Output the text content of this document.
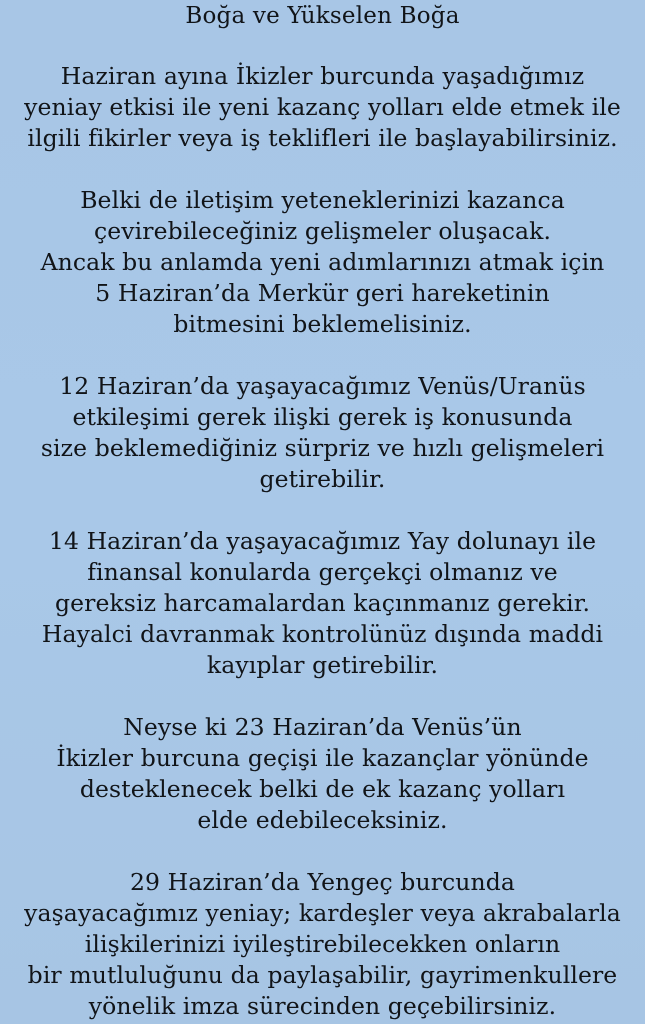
Boğa ve Yükselen Boğa

Haziran ayına İkizler burcunda yaşadığımız
yeniay etkisi ile yeni kazanç yolları elde etmek ile
ilgili fikirler veya iş teklifleri ile başlayabilirsiniz.

Belki de iletişim yeteneklerinizi kazanca
çevirebileceğiniz gelişmeler oluşacak.
Ancak bu anlamda yeni adımlarınızı atmak için
5 Haziran’da Merkür geri hareketinin
bitmesini beklemelisiniz.

12 Haziran’da yaşayacağımız Venüs/Uranüs
etkileşimi gerek ilişki gerek iş konusunda
size beklemediğiniz sürpriz ve hızlı gelişmeleri
getirebilir.

14 Haziran’da yaşayacağımız Yay dolunayı ile
finansal konularda gerçekçi olmanız ve
gereksiz harcamalardan kaçınmanız gerekir.
Hayalci davranmak kontrolünüz dışında maddi
kayıplar getirebilir.

Neyse ki 23 Haziran’da Venüs’ün
İkizler burcuna geçişi ile kazançlar yönünde
desteklenecek belki de ek kazanç yolları
elde edebileceksiniz.

29 Haziran’da Yengeç burcunda
yaşayacağımız yeniay; kardeşler veya akrabalarla
ilişkilerinizi iyileştirebilecekken onların
bir mutluluğunu da paylaşabilir, gayrimenkullere
yönelik imza sürecinden geçebilirsiniz.
